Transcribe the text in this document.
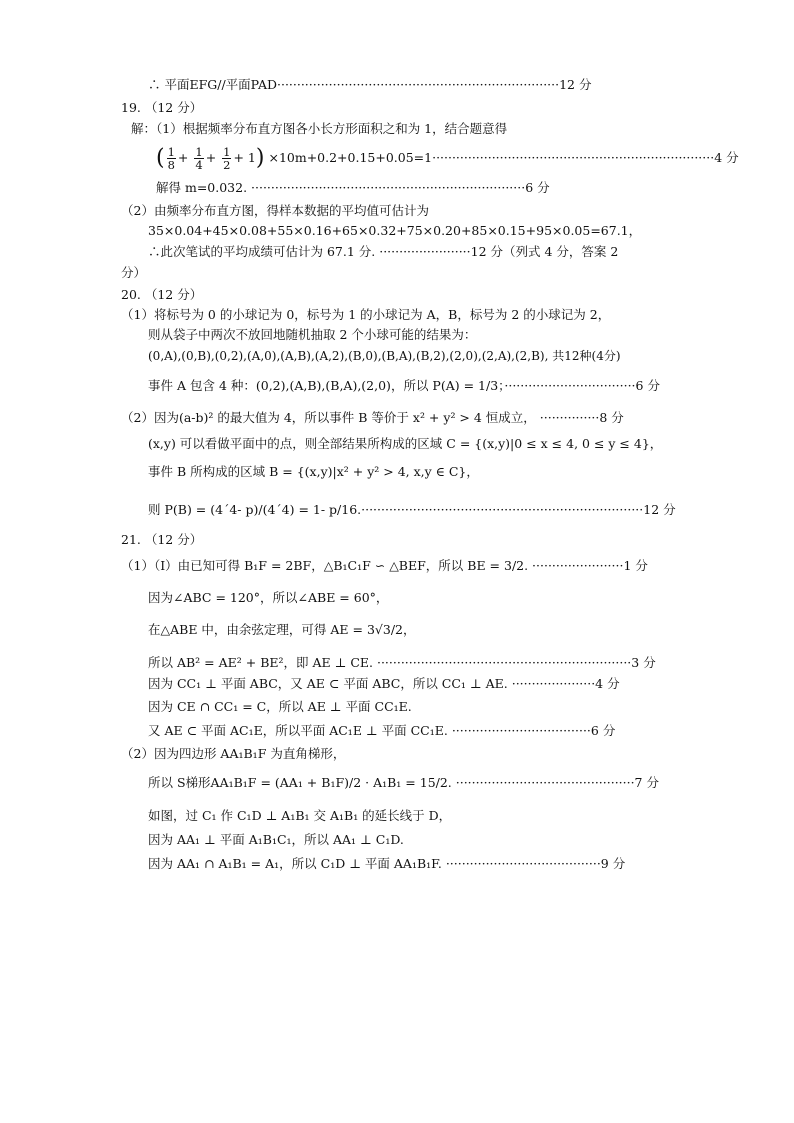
∴ 平面EFG//平面PAD·······································································12 分
19. （12 分）
解：（1）根据频率分布直方图各小长方形面积之和为 1，结合题意得
( $\frac{1}{8} + \frac{1}{4} + \frac{1}{2} + 1) \times 10m+0.2+0.15+0.05=1\cdot\cdot\cdot\cdot\cdot\cdot\cdot\cdot\cdot\cdot\cdot\cdot\cdot\cdot\cdot\cdot\cdot\cdot\cdot\cdot\cdot\cdot\cdot\cdot\cdot\cdot\cdot\cdot\cdot\cdot\cdot\cdot\cdot\cdot\cdot\cdot\cdot\cdot\cdot\cdot\cdot\cdot\cdot\cdot\cdot\cdot\cdot\cdot\cdot\cdot\cdot\cdot\cdot\cdot\cdot\cdot\cdot\cdot\cdot\cdot\cdot\cdot\cdot\cdot\cdot\cdot\cdot\cdot\cdot\cdot\cdot 4$ 分
解得 m=0.032. ·····································································6 分
（2）由频率分布直方图，得样本数据的平均值可估计为
35×0.04+45×0.08+55×0.16+65×0.32+75×0.20+85×0.15+95×0.05=67.1，
∴此次笔试的平均成绩可估计为 67.1 分. ·······················12 分（列式 4 分，答案 2
分）
20. （12 分）
（1）将标号为 0 的小球记为 0，标号为 1 的小球记为 A，B，标号为 2 的小球记为 2，
则从袋子中两次不放回地随机抽取 2 个小球可能的结果为：
(0,A),(0,B),(0,2),(A,0),(A,B),(A,2),(B,0),(B,A),(B,2),(2,0),(2,A),(2,B), 共12种(4分)
事件 A 包含 4 种：(0,2),(A,B),(B,A),(2,0)，所以 P(A) = 1/3；·································6 分
（2）因为(a-b)² 的最大值为 4，所以事件 B 等价于 x² + y² > 4 恒成立， ···············8 分
(x,y) 可以看做平面中的点，则全部结果所构成的区域 C = {(x,y)|0 ≤ x ≤ 4, 0 ≤ y ≤ 4}，
事件 B 所构成的区域 B = {(x,y)|x² + y² > 4, x,y ∈ C}，
则 P(B) = (4´4- p)/(4´4) = 1- p/16.·······································································12 分
21. （12 分）
（1）（I）由已知可得 B₁F = 2BF，△B₁C₁F ∽ △BEF，所以 BE = 3/2. ·······················1 分
因为∠ABC = 120°，所以∠ABE = 60°，
在△ABE 中，由余弦定理，可得 AE = 3√3/2，
所以 AB² = AE² + BE²，即 AE ⊥ CE. ································································3 分
因为 CC₁ ⊥ 平面 ABC，又 AE ⊂ 平面 ABC，所以 CC₁ ⊥ AE. ·····················4 分
因为 CE ∩ CC₁ = C，所以 AE ⊥ 平面 CC₁E.
又 AE ⊂ 平面 AC₁E，所以平面 AC₁E ⊥ 平面 CC₁E. ···································6 分
（2）因为四边形 AA₁B₁F 为直角梯形，
所以 S梯形AA₁B₁F = (AA₁ + B₁F)/2 · A₁B₁ = 15/2. ·············································7 分
如图，过 C₁ 作 C₁D ⊥ A₁B₁ 交 A₁B₁ 的延长线于 D，
因为 AA₁ ⊥ 平面 A₁B₁C₁，所以 AA₁ ⊥ C₁D.
因为 AA₁ ∩ A₁B₁ = A₁，所以 C₁D ⊥ 平面 AA₁B₁F. ·······································9 分
